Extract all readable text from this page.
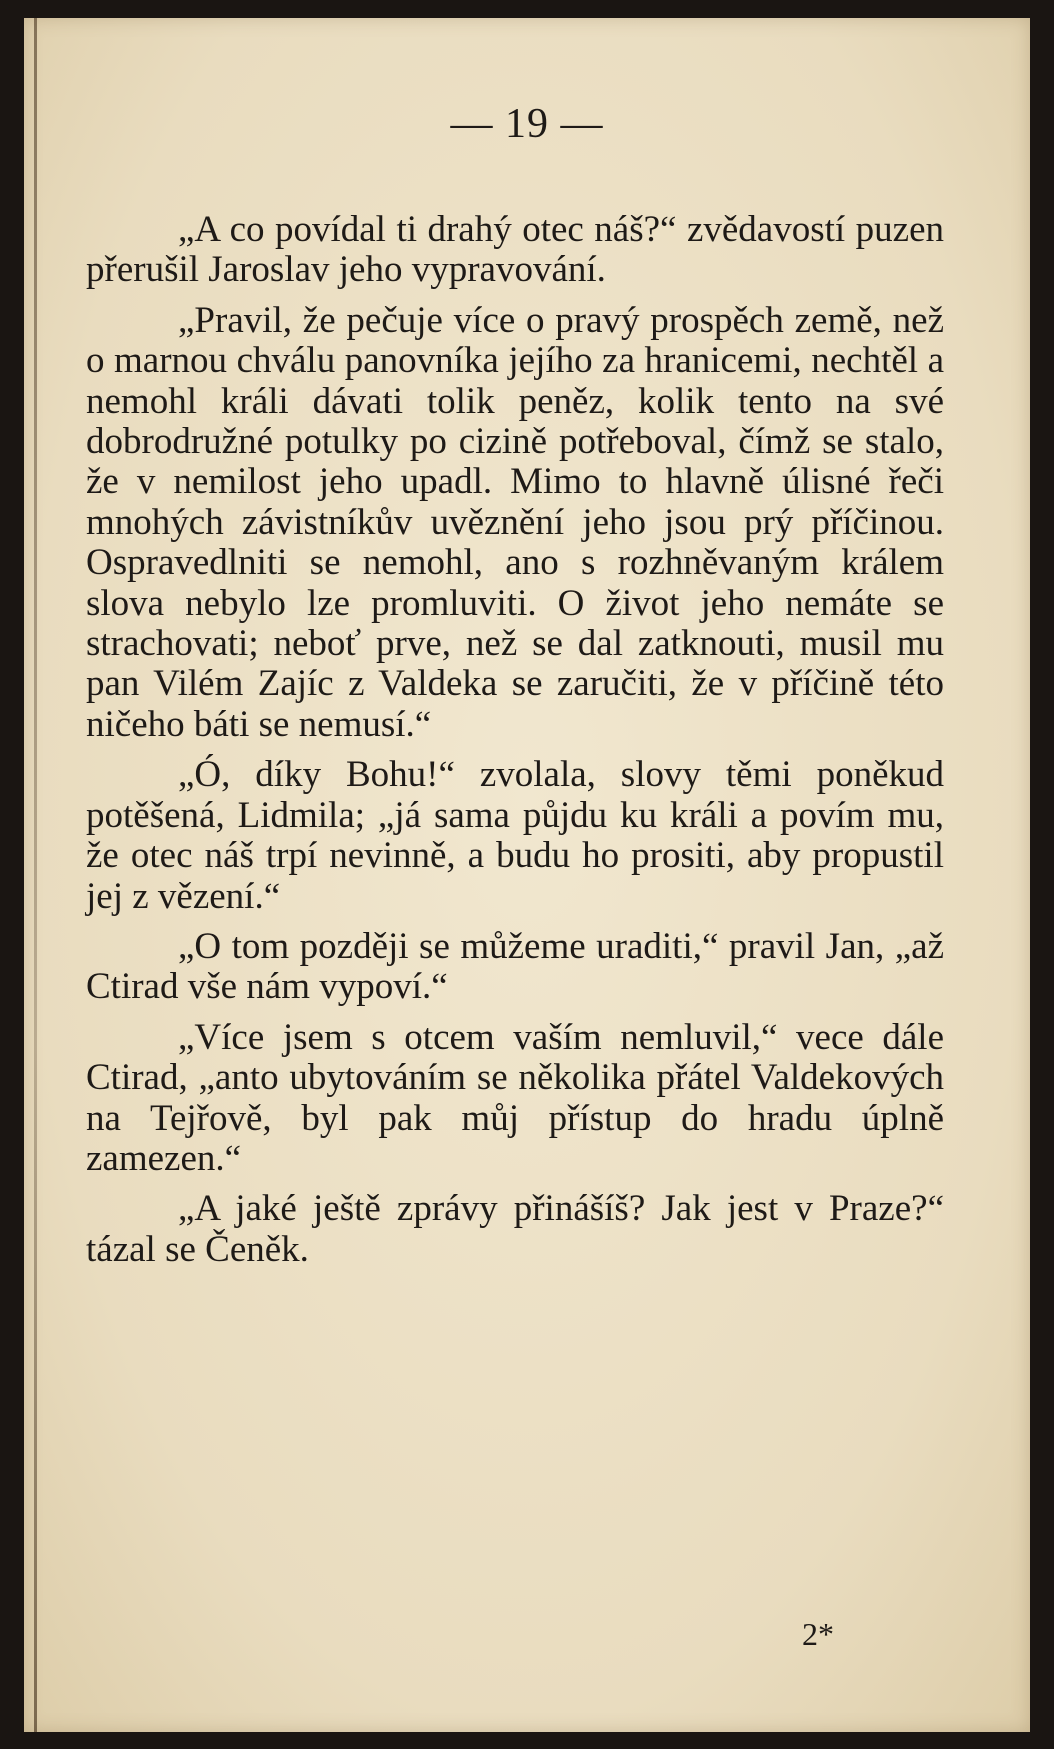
— 19 —

„A co povídal ti drahý otec náš?“ zvědavostí puzen přerušil Jaroslav jeho vypravování.

„Pravil, že pečuje více o pravý prospěch země, než o marnou chválu panovníka jejího za hranicemi, nechtěl a nemohl králi dávati tolik peněz, kolik tento na své dobrodružné potulky po cizině potřeboval, čímž se stalo, že v nemilost jeho upadl. Mimo to hlavně úlisné řeči mnohých závistníkův uvěznění jeho jsou prý příčinou. Ospravedlniti se nemohl, ano s rozhněvaným králem slova nebylo lze promluviti. O život jeho nemáte se strachovati; neboť prve, než se dal zatknouti, musil mu pan Vilém Zajíc z Valdeka se zaručiti, že v příčině této ničeho báti se nemusí.“

„Ó, díky Bohu!“ zvolala, slovy těmi poněkud potěšená, Lidmila; „já sama půjdu ku králi a povím mu, že otec náš trpí nevinně, a budu ho prositi, aby propustil jej z vězení.“

„O tom později se můžeme uraditi,“ pravil Jan, „až Ctirad vše nám vypoví.“

„Více jsem s otcem vaším nemluvil,“ vece dále Ctirad, „anto ubytováním se několika přátel Valdekových na Tejřově, byl pak můj přístup do hradu úplně zamezen.“

„A jaké ještě zprávy přinášíš? Jak jest v Praze?“ tázal se Čeněk.

2*
